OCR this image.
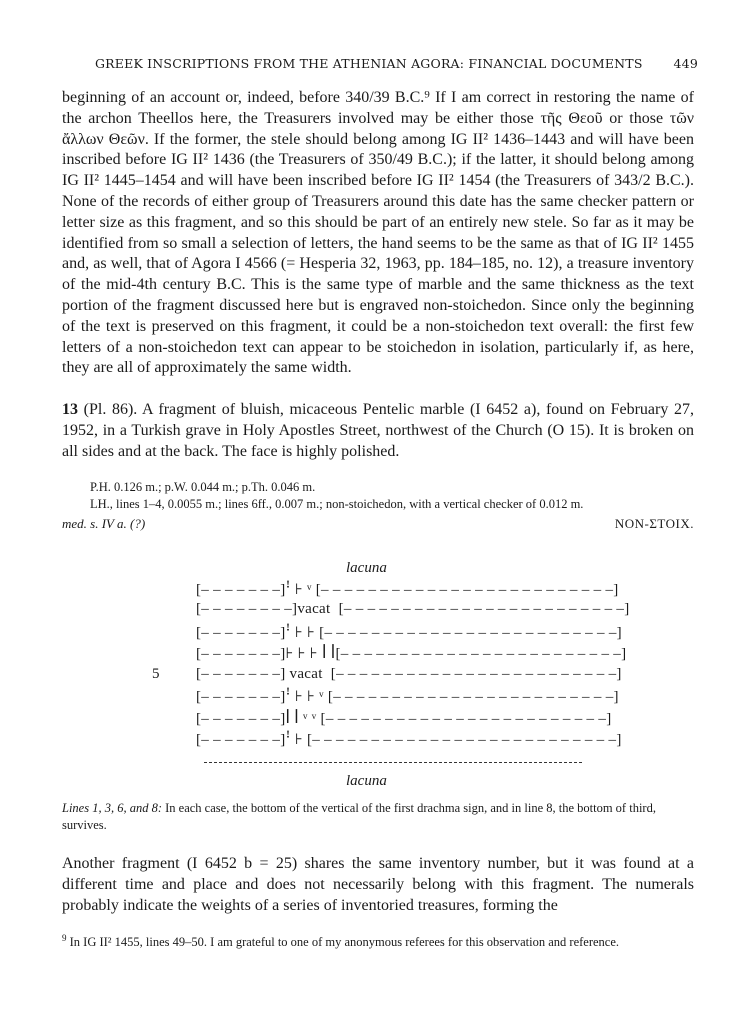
GREEK INSCRIPTIONS FROM THE ATHENIAN AGORA: FINANCIAL DOCUMENTS 449
beginning of an account or, indeed, before 340/39 B.C.⁹ If I am correct in restoring the name of the archon Theellos here, the Treasurers involved may be either those τῆς Θεοῦ or those τῶν ἄλλων Θεῶν. If the former, the stele should belong among IG II² 1436–1443 and will have been inscribed before IG II² 1436 (the Treasurers of 350/49 B.C.); if the latter, it should belong among IG II² 1445–1454 and will have been inscribed before IG II² 1454 (the Treasurers of 343/2 B.C.). None of the records of either group of Treasurers around this date has the same checker pattern or letter size as this fragment, and so this should be part of an entirely new stele. So far as it may be identified from so small a selection of letters, the hand seems to be the same as that of IG II² 1455 and, as well, that of Agora I 4566 (= Hesperia 32, 1963, pp. 184–185, no. 12), a treasure inventory of the mid-4th century B.C. This is the same type of marble and the same thickness as the text portion of the fragment discussed here but is engraved non-stoichedon. Since only the beginning of the text is preserved on this fragment, it could be a non-stoichedon text overall: the first few letters of a non-stoichedon text can appear to be stoichedon in isolation, particularly if, as here, they are all of approximately the same width.
13 (Pl. 86). A fragment of bluish, micaceous Pentelic marble (I 6452 a), found on February 27, 1952, in a Turkish grave in Holy Apostles Street, northwest of the Church (O 15). It is broken on all sides and at the back. The face is highly polished.
P.H. 0.126 m.; p.W. 0.044 m.; p.Th. 0.046 m.
LH., lines 1–4, 0.0055 m.; lines 6ff., 0.007 m.; non-stoichedon, with a vertical checker of 0.012 m.
med. s. IV a. (?)	NON-ΣΤΟΙΧ.
lacuna
[– – – – – – –]ꜝ ⊦ ᵛ [– – – – – – – – – – – – – – – – – – – – – – – – –]
[– – – – – – – –]vacat  [– – – – – – – – – – – – – – – – – – – – – – – –]
[– – – – – – –]ꜝ ⊦ ⊦ [– – – – – – – – – – – – – – – – – – – – – – – – –]
[– – – – – – –]⊦ ⊦ ⊦ ꟾ ꟾ[– – – – – – – – – – – – – – – – – – – – – – – –]
[– – – – – – –] vacat  [– – – – – – – – – – – – – – – – – – – – – – – –]
[– – – – – – –]ꜝ ⊦ ⊦ ᵛ [– – – – – – – – – – – – – – – – – – – – – – – –]
[– – – – – – –]ꟾ ꟾ ᵛ ᵛ [– – – – – – – – – – – – – – – – – – – – – – – –]
[– – – – – – –]ꜝ ⊦ [– – – – – – – – – – – – – – – – – – – – – – – – – –]
5
lacuna
Lines 1, 3, 6, and 8: In each case, the bottom of the vertical of the first drachma sign, and in line 8, the bottom of third, survives.
Another fragment (I 6452 b = 25) shares the same inventory number, but it was found at a different time and place and does not necessarily belong with this fragment. The numerals probably indicate the weights of a series of inventoried treasures, forming the
$^9$ In IG II² 1455, lines 49–50. I am grateful to one of my anonymous referees for this observation and reference.
